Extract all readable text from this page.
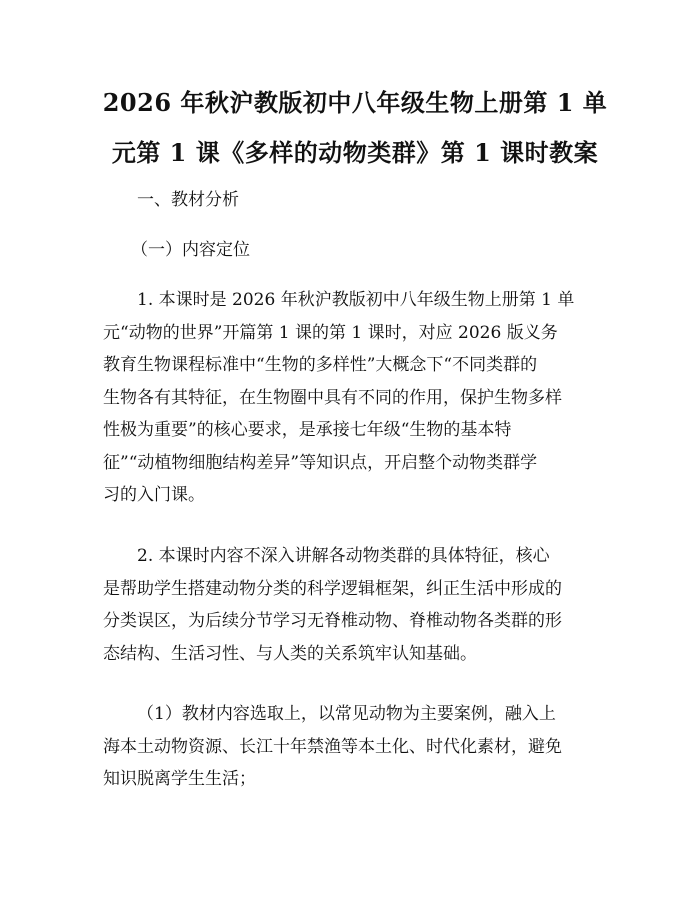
2026 年秋沪教版初中八年级生物上册第 1 单
元第 1 课《多样的动物类群》第 1 课时教案

一、教材分析

（一）内容定位

1. 本课时是 2026 年秋沪教版初中八年级生物上册第 1 单
元“动物的世界”开篇第 1 课的第 1 课时，对应 2026 版义务
教育生物课程标准中“生物的多样性”大概念下“不同类群的
生物各有其特征，在生物圈中具有不同的作用，保护生物多样
性极为重要”的核心要求，是承接七年级“生物的基本特
征”“动植物细胞结构差异”等知识点，开启整个动物类群学
习的入门课。
2. 本课时内容不深入讲解各动物类群的具体特征，核心
是帮助学生搭建动物分类的科学逻辑框架，纠正生活中形成的
分类误区，为后续分节学习无脊椎动物、脊椎动物各类群的形
态结构、生活习性、与人类的关系筑牢认知基础。
（1）教材内容选取上，以常见动物为主要案例，融入上
海本土动物资源、长江十年禁渔等本土化、时代化素材，避免
知识脱离学生生活；
